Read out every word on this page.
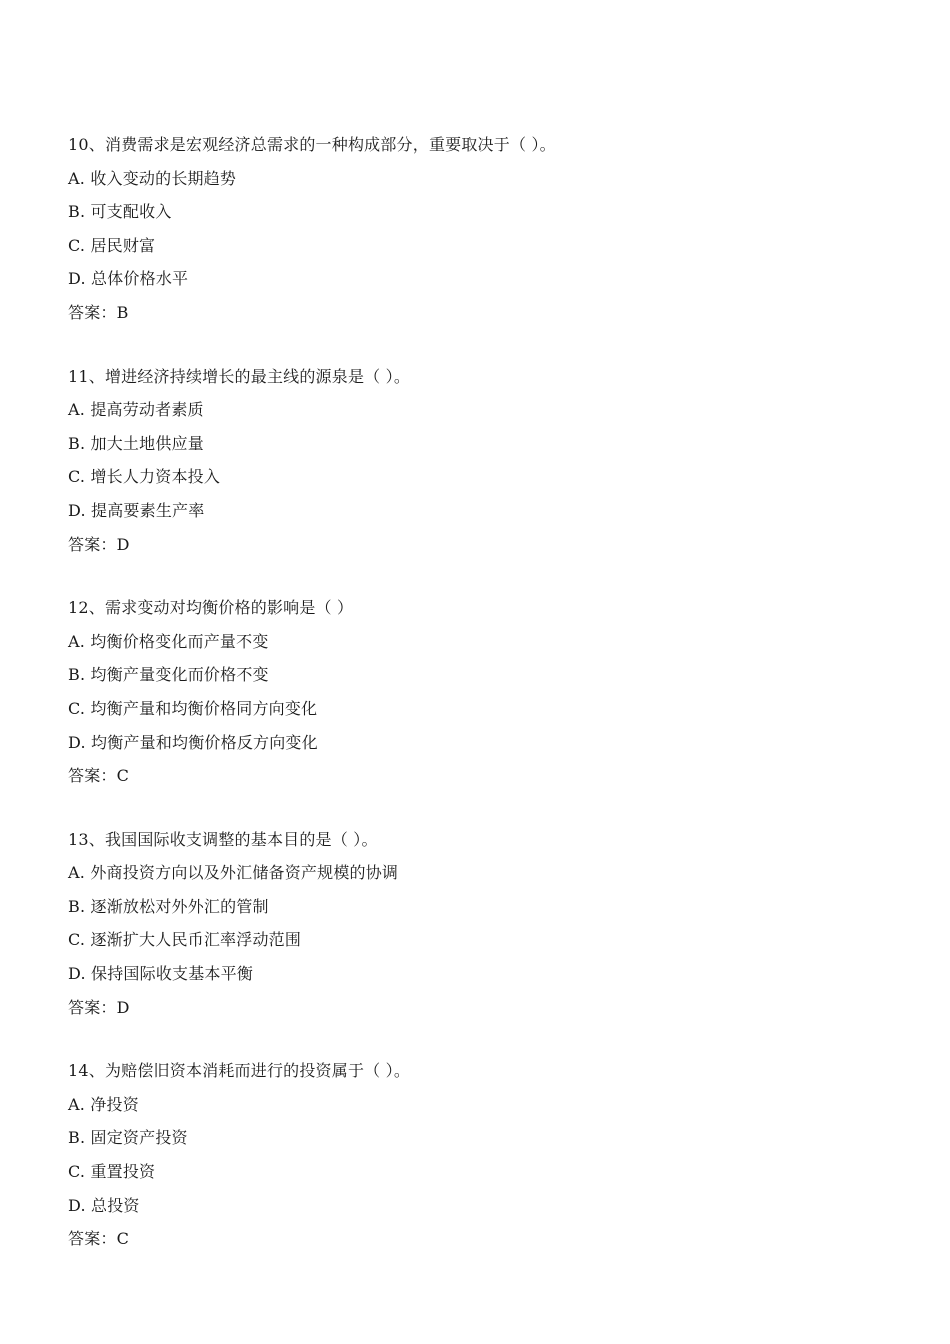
10、消费需求是宏观经济总需求的一种构成部分，重要取决于（ ）。
A. 收入变动的长期趋势
B. 可支配收入
C. 居民财富
D. 总体价格水平
答案：B
11、增进经济持续增长的最主线的源泉是（ ）。
A. 提高劳动者素质
B. 加大土地供应量
C. 增长人力资本投入
D. 提高要素生产率
答案：D
12、需求变动对均衡价格的影响是（ ）
A. 均衡价格变化而产量不变
B. 均衡产量变化而价格不变
C. 均衡产量和均衡价格同方向变化
D. 均衡产量和均衡价格反方向变化
答案：C
13、我国国际收支调整的基本目的是（ ）。
A. 外商投资方向以及外汇储备资产规模的协调
B. 逐渐放松对外外汇的管制
C. 逐渐扩大人民币汇率浮动范围
D. 保持国际收支基本平衡
答案：D
14、为赔偿旧资本消耗而进行的投资属于（ ）。
A. 净投资
B. 固定资产投资
C. 重置投资
D. 总投资
答案：C
